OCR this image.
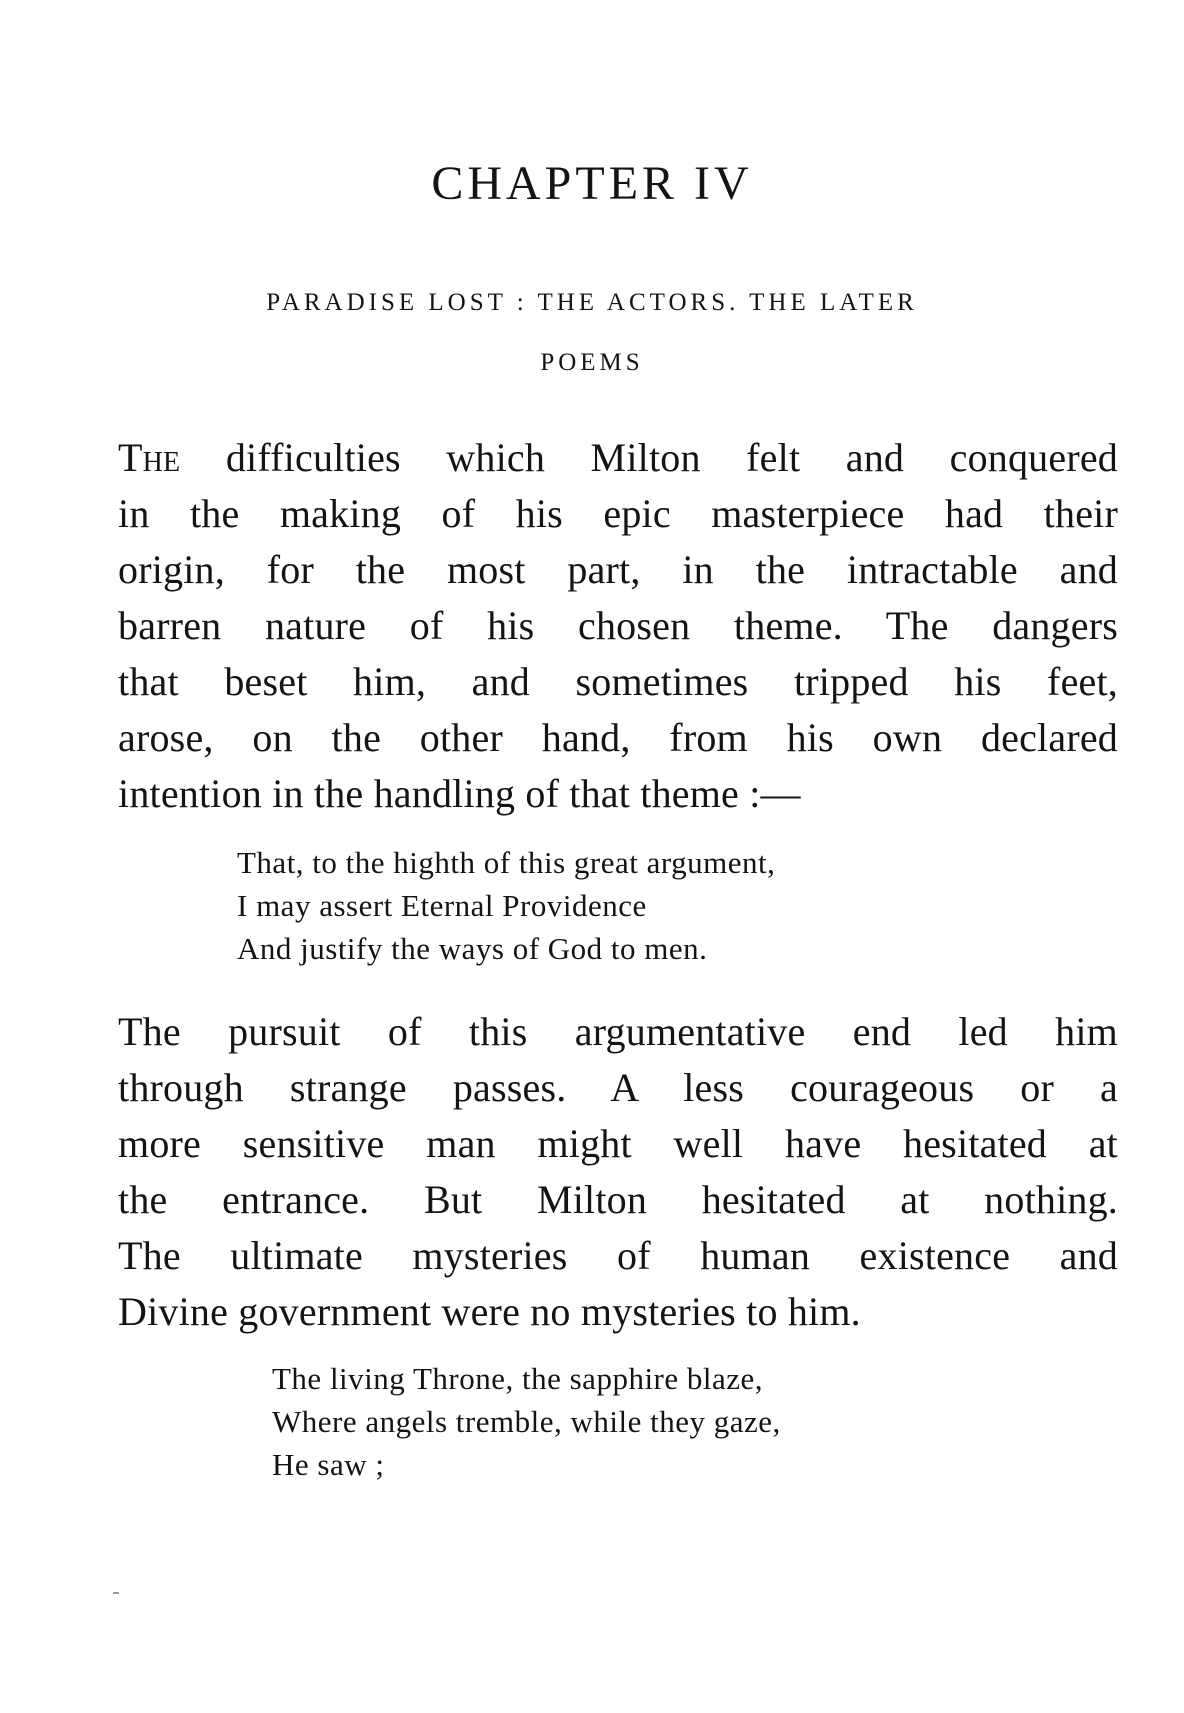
CHAPTER IV
PARADISE LOST : THE ACTORS. THE LATER
POEMS

The difficulties which Milton felt and conquered
in the making of his epic masterpiece had their
origin, for the most part, in the intractable and
barren nature of his chosen theme. The dangers
that beset him, and sometimes tripped his feet,
arose, on the other hand, from his own declared
intention in the handling of that theme :—

That, to the highth of this great argument,
I may assert Eternal Providence
And justify the ways of God to men.

The pursuit of this argumentative end led him
through strange passes. A less courageous or a
more sensitive man might well have hesitated at
the entrance. But Milton hesitated at nothing.
The ultimate mysteries of human existence and
Divine government were no mysteries to him.

The living Throne, the sapphire blaze,
Where angels tremble, while they gaze,
He saw ;
